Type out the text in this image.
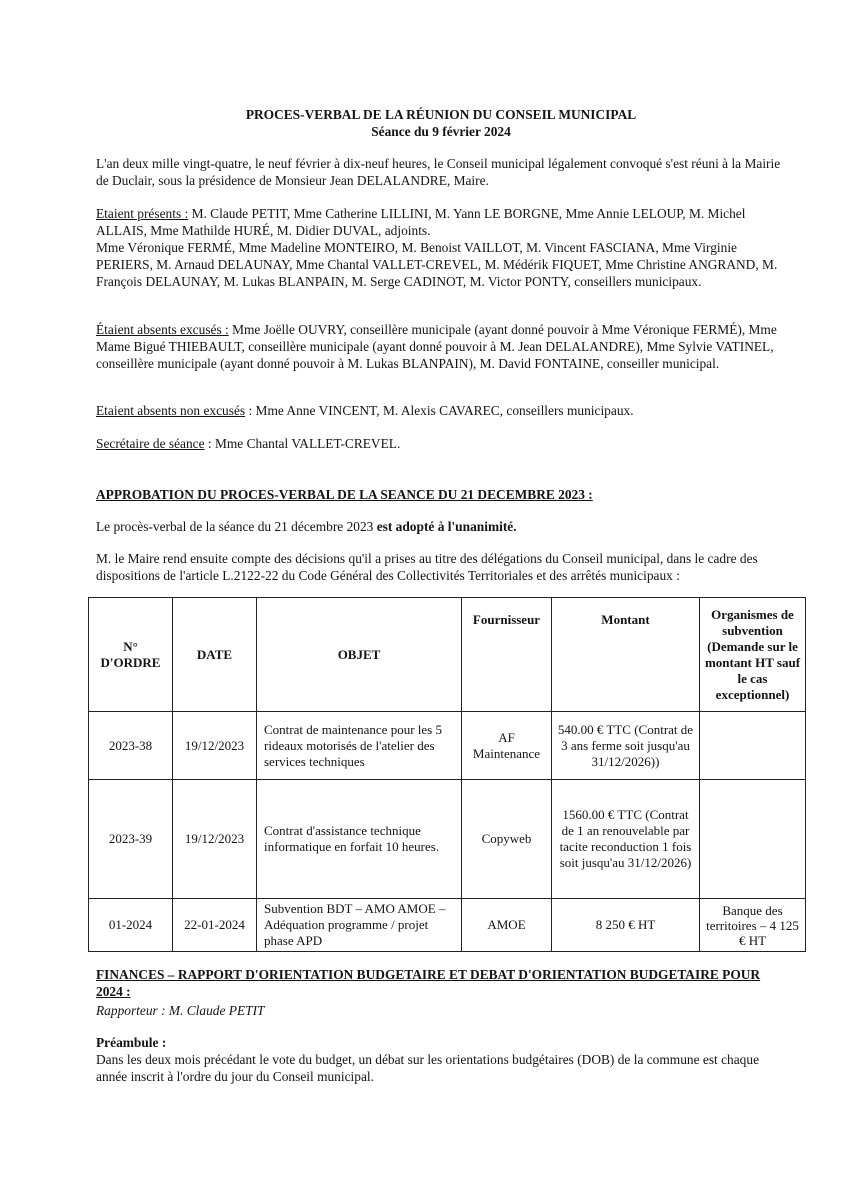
PROCES-VERBAL DE LA RÉUNION DU CONSEIL MUNICIPAL

Séance du 9 février 2024

L'an deux mille vingt-quatre, le neuf février à dix-neuf heures, le Conseil municipal légalement convoqué s'est réuni à la Mairie de Duclair, sous la présidence de Monsieur Jean DELALANDRE, Maire.

Etaient présents : M. Claude PETIT, Mme Catherine LILLINI, M. Yann LE BORGNE, Mme Annie LELOUP, M. Michel ALLAIS, Mme Mathilde HURÉ, M. Didier DUVAL, adjoints.
Mme Véronique FERMÉ, Mme Madeline MONTEIRO, M. Benoist VAILLOT, M. Vincent FASCIANA, Mme Virginie PERIERS, M. Arnaud DELAUNAY, Mme Chantal VALLET-CREVEL, M. Médérik FIQUET, Mme Christine ANGRAND, M. François DELAUNAY, M. Lukas BLANPAIN, M. Serge CADINOT, M. Victor PONTY, conseillers municipaux.
Étaient absents excusés : Mme Joëlle OUVRY, conseillère municipale (ayant donné pouvoir à Mme Véronique FERMÉ), Mme Mame Bigué THIEBAULT, conseillère municipale (ayant donné pouvoir à M. Jean DELALANDRE), Mme Sylvie VATINEL, conseillère municipale (ayant donné pouvoir à M. Lukas BLANPAIN), M. David FONTAINE, conseiller municipal.
Etaient absents non excusés : Mme Anne VINCENT, M. Alexis CAVAREC, conseillers municipaux.
Secrétaire de séance : Mme Chantal VALLET-CREVEL.

APPROBATION DU PROCES-VERBAL DE LA SEANCE DU 21 DECEMBRE 2023 :

Le procès-verbal de la séance du 21 décembre 2023 est adopté à l'unanimité.

M. le Maire rend ensuite compte des décisions qu'il a prises au titre des délégations du Conseil municipal, dans le cadre des dispositions de l'article L.2122-22 du Code Général des Collectivités Territoriales et des arrêtés municipaux :

N° D'ORDRE	DATE	OBJET	Fournisseur	Montant	Organismes de subvention (Demande sur le montant HT sauf le cas exceptionnel)
2023-38	19/12/2023	Contrat de maintenance pour les 5 rideaux motorisés de l'atelier des services techniques	AF Maintenance	540.00 € TTC (Contrat de 3 ans ferme soit jusqu'au 31/12/2026))	
2023-39	19/12/2023	Contrat d'assistance technique informatique en forfait 10 heures.	Copyweb	1560.00 € TTC (Contrat de 1 an renouvelable par tacite reconduction 1 fois soit jusqu'au 31/12/2026)	
01-2024	22-01-2024	Subvention BDT – AMO AMOE – Adéquation programme / projet phase APD	AMOE	8 250 € HT	Banque des territoires – 4 125 € HT

FINANCES – RAPPORT D'ORIENTATION BUDGETAIRE ET DEBAT D'ORIENTATION BUDGETAIRE POUR 2024 :

Rapporteur : M. Claude PETIT

Préambule :

Dans les deux mois précédant le vote du budget, un débat sur les orientations budgétaires (DOB) de la commune est chaque année inscrit à l'ordre du jour du Conseil municipal.
